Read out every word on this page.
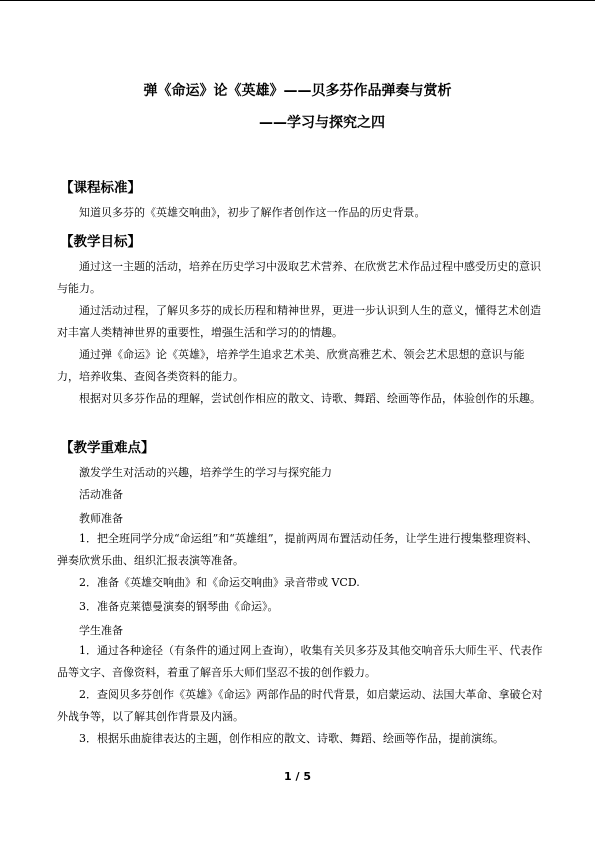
弹《命运》论《英雄》——贝多芬作品弹奏与赏析
——学习与探究之四
【课程标准】
知道贝多芬的《英雄交响曲》，初步了解作者创作这一作品的历史背景。
【教学目标】
通过这一主题的活动，培养在历史学习中汲取艺术营养、在欣赏艺术作品过程中感受历史的意识与能力。
通过活动过程，了解贝多芬的成长历程和精神世界，更进一步认识到人生的意义，懂得艺术创造对丰富人类精神世界的重要性，增强生活和学习的的情趣。
通过弹《命运》论《英雄》，培养学生追求艺术美、欣赏高雅艺术、领会艺术思想的意识与能力，培养收集、查阅各类资料的能力。
根据对贝多芬作品的理解，尝试创作相应的散文、诗歌、舞蹈、绘画等作品，体验创作的乐趣。
【教学重难点】
激发学生对活动的兴趣，培养学生的学习与探究能力
活动准备
教师准备
1．把全班同学分成“命运组”和“英雄组”，提前两周布置活动任务，让学生进行搜集整理资料、弹奏欣赏乐曲、组织汇报表演等准备。
2．准备《英雄交响曲》和《命运交响曲》录音带或 VCD.
3．准备克莱德曼演奏的钢琴曲《命运》。
学生准备
1．通过各种途径（有条件的通过网上查询），收集有关贝多芬及其他交响音乐大师生平、代表作品等文字、音像资料，着重了解音乐大师们坚忍不拔的创作毅力。
2．查阅贝多芬创作《英雄》《命运》两部作品的时代背景，如启蒙运动、法国大革命、拿破仑对外战争等，以了解其创作背景及内涵。
3．根据乐曲旋律表达的主题，创作相应的散文、诗歌、舞蹈、绘画等作品，提前演练。
1 / 5
